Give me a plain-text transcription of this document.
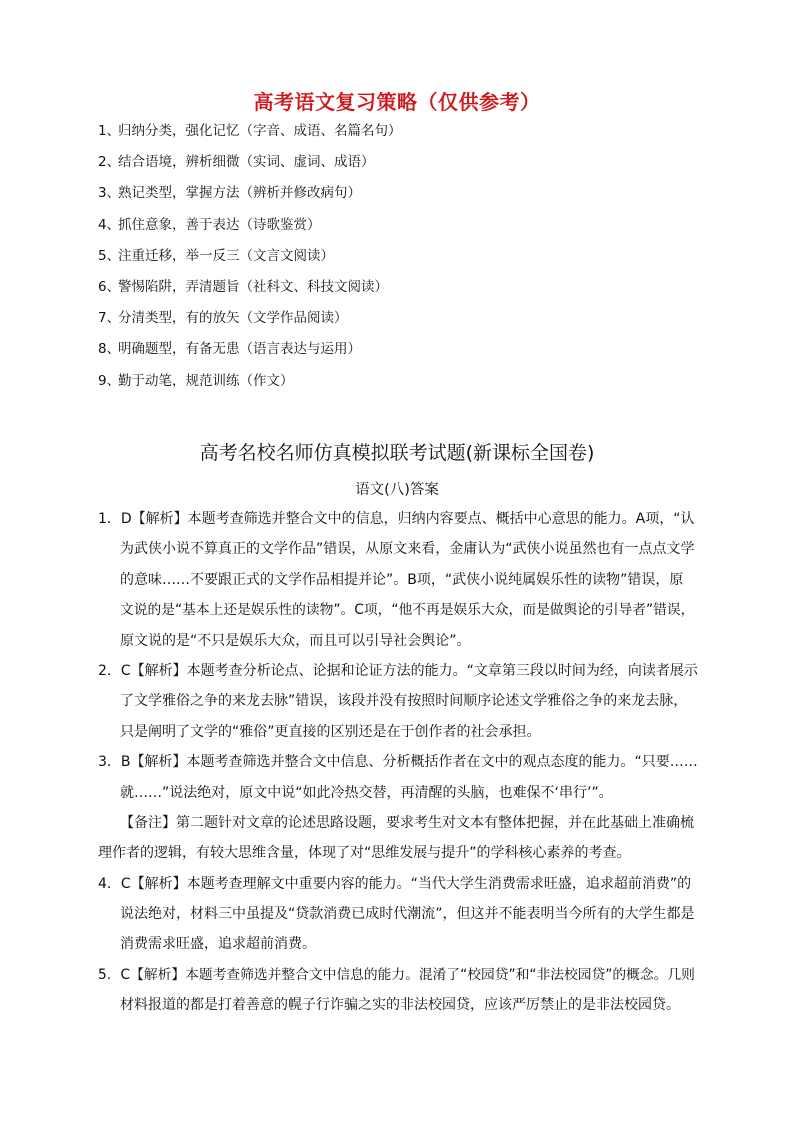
高考语文复习策略（仅供参考）
1、归纳分类，强化记忆（字音、成语、名篇名句）
2、结合语境，辨析细微（实词、虚词、成语）
3、熟记类型，掌握方法（辨析并修改病句）
4、抓住意象，善于表达（诗歌鉴赏）
5、注重迁移，举一反三（文言文阅读）
6、警惕陷阱，弄清题旨（社科文、科技文阅读）
7、分清类型，有的放矢（文学作品阅读）
8、明确题型，有备无患（语言表达与运用）
9、勤于动笔，规范训练（作文）
高考名校名师仿真模拟联考试题(新课标全国卷)
语文(八)答案
1．D【解析】本题考查筛选并整合文中的信息，归纳内容要点、概括中心意思的能力。A项，“认
为武侠小说不算真正的文学作品”错误，从原文来看，金庸认为“武侠小说虽然也有一点点文学
的意味……不要跟正式的文学作品相提并论”。B项，“武侠小说纯属娱乐性的读物”错误，原
文说的是“基本上还是娱乐性的读物”。C项，“他不再是娱乐大众，而是做舆论的引导者”错误，
原文说的是“不只是娱乐大众，而且可以引导社会舆论”。
2．C【解析】本题考查分析论点、论据和论证方法的能力。“文章第三段以时间为经，向读者展示
了文学雅俗之争的来龙去脉”错误，该段并没有按照时间顺序论述文学雅俗之争的来龙去脉，
只是阐明了文学的“雅俗”更直接的区别还是在于创作者的社会承担。
3．B【解析】本题考查筛选并整合文中信息、分析概括作者在文中的观点态度的能力。“只要……
就……”说法绝对，原文中说“如此冷热交替，再清醒的头脑，也难保不‘串行’”。
【备注】第二题针对文章的论述思路设题，要求考生对文本有整体把握，并在此基础上准确梳
理作者的逻辑，有较大思维含量，体现了对“思维发展与提升”的学科核心素养的考查。
4．C【解析】本题考查理解文中重要内容的能力。“当代大学生消费需求旺盛，追求超前消费”的
说法绝对，材料三中虽提及“贷款消费已成时代潮流”，但这并不能表明当今所有的大学生都是
消费需求旺盛，追求超前消费。
5．C【解析】本题考查筛选并整合文中信息的能力。混淆了“校园贷”和“非法校园贷”的概念。几则
材料报道的都是打着善意的幌子行诈骗之实的非法校园贷，应该严厉禁止的是非法校园贷。
